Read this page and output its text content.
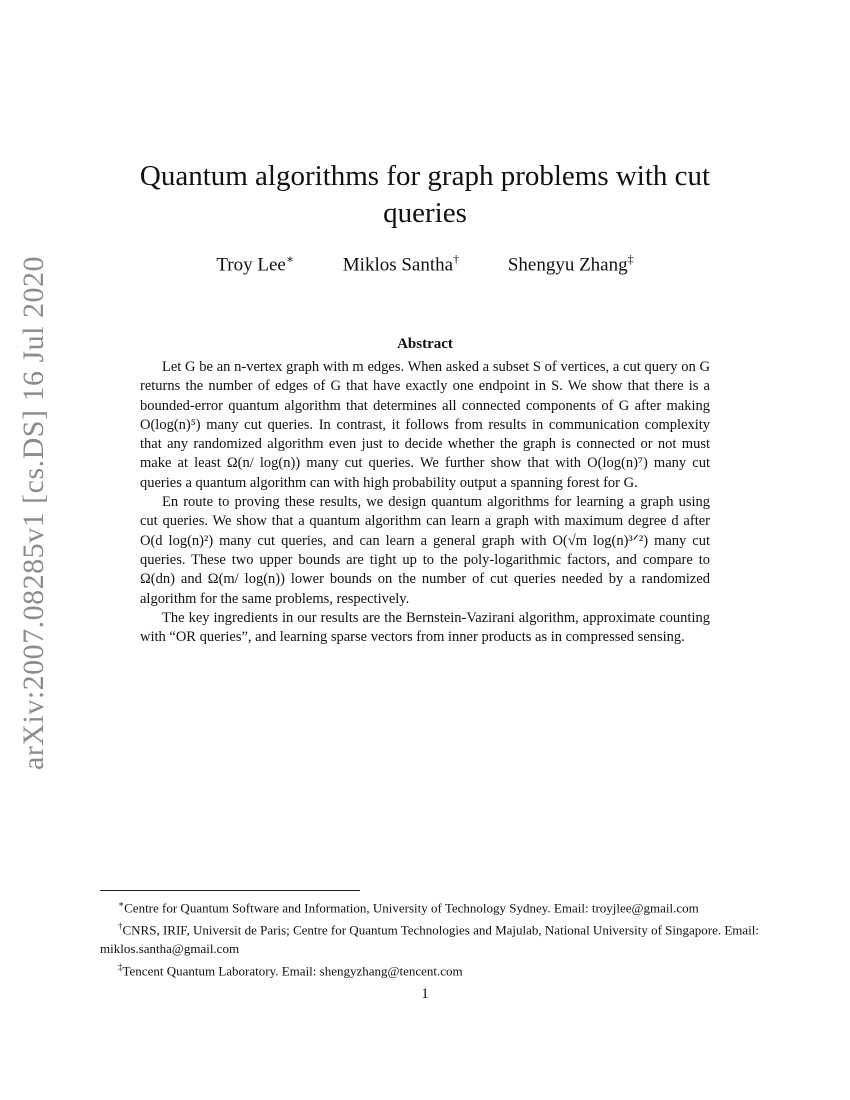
arXiv:2007.08285v1 [cs.DS] 16 Jul 2020
Quantum algorithms for graph problems with cut queries
Troy Lee∗	Miklos Santha†	Shengyu Zhang‡
Abstract

Let G be an n-vertex graph with m edges. When asked a subset S of vertices, a cut query on G returns the number of edges of G that have exactly one endpoint in S. We show that there is a bounded-error quantum algorithm that determines all connected components of G after making O(log(n)⁵) many cut queries. In contrast, it follows from results in communication complexity that any randomized algorithm even just to decide whether the graph is connected or not must make at least Ω(n/ log(n)) many cut queries. We further show that with O(log(n)⁷) many cut queries a quantum algorithm can with high probability output a spanning forest for G.

En route to proving these results, we design quantum algorithms for learning a graph using cut queries. We show that a quantum algorithm can learn a graph with maximum degree d after O(d log(n)²) many cut queries, and can learn a general graph with O(√m log(n)³ᐟ²) many cut queries. These two upper bounds are tight up to the poly-logarithmic factors, and compare to Ω(dn) and Ω(m/ log(n)) lower bounds on the number of cut queries needed by a randomized algorithm for the same problems, respectively.

The key ingredients in our results are the Bernstein-Vazirani algorithm, approximate counting with “OR queries”, and learning sparse vectors from inner products as in compressed sensing.

∗Centre for Quantum Software and Information, University of Technology Sydney. Email: troyjlee@gmail.com

†CNRS, IRIF, Universit de Paris; Centre for Quantum Technologies and Majulab, National University of Singapore. Email: miklos.santha@gmail.com

‡Tencent Quantum Laboratory. Email: shengyzhang@tencent.com

1
